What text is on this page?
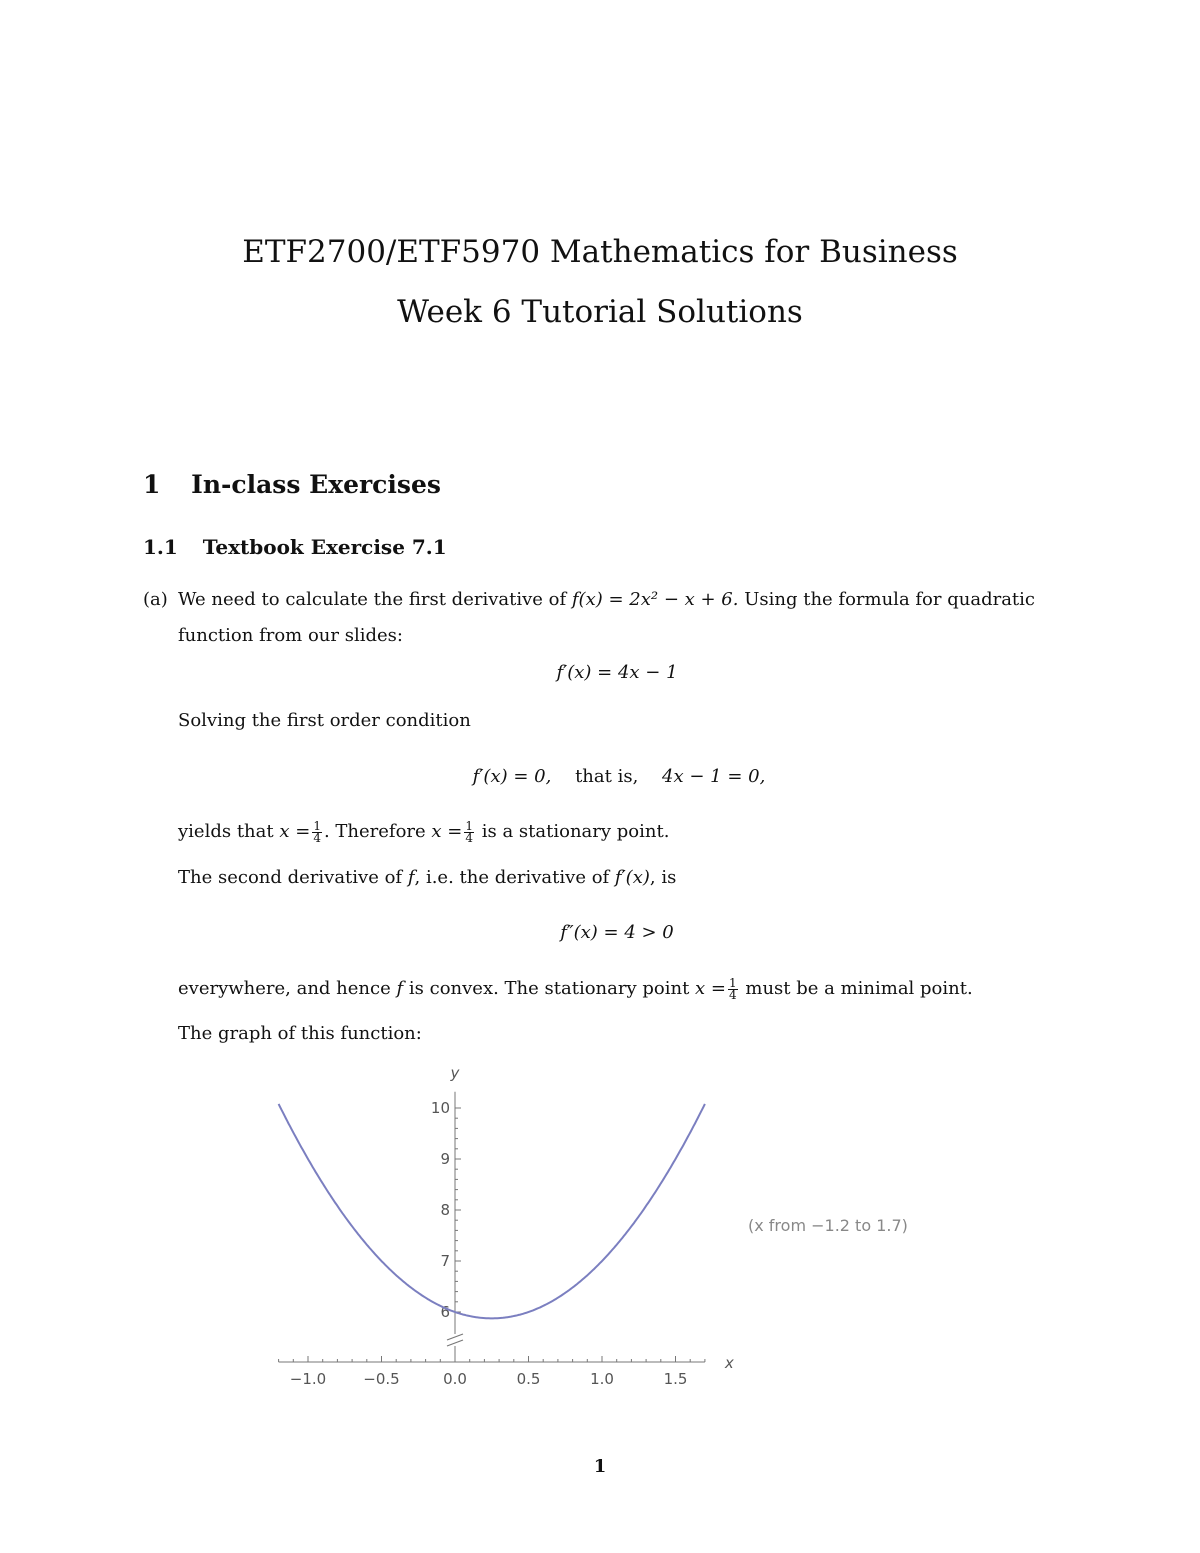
ETF2700/ETF5970 Mathematics for Business
Week 6 Tutorial Solutions
1 In-class Exercises
1.1 Textbook Exercise 7.1
(a) We need to calculate the first derivative of f(x) = 2x² − x + 6. Using the formula for quadratic
function from our slides:
f′(x) = 4x − 1
Solving the first order condition
f′(x) = 0, that is, 4x − 1 = 0,
yields that $x = \frac{1}{4}$ . Therefore $x = \frac{1}{4}$ is a stationary point.
The second derivative of f, i.e. the derivative of f′(x), is
f″(x) = 4 > 0
everywhere, and hence f is convex. The stationary point $x = \frac{1}{4}$ must be a minimal point.
The graph of this function:
−1.0 −0.5	0.0	0.5	1.0	1.5
x
6
7
8
9
10
y
(x from −1.2 to 1.7)
1
